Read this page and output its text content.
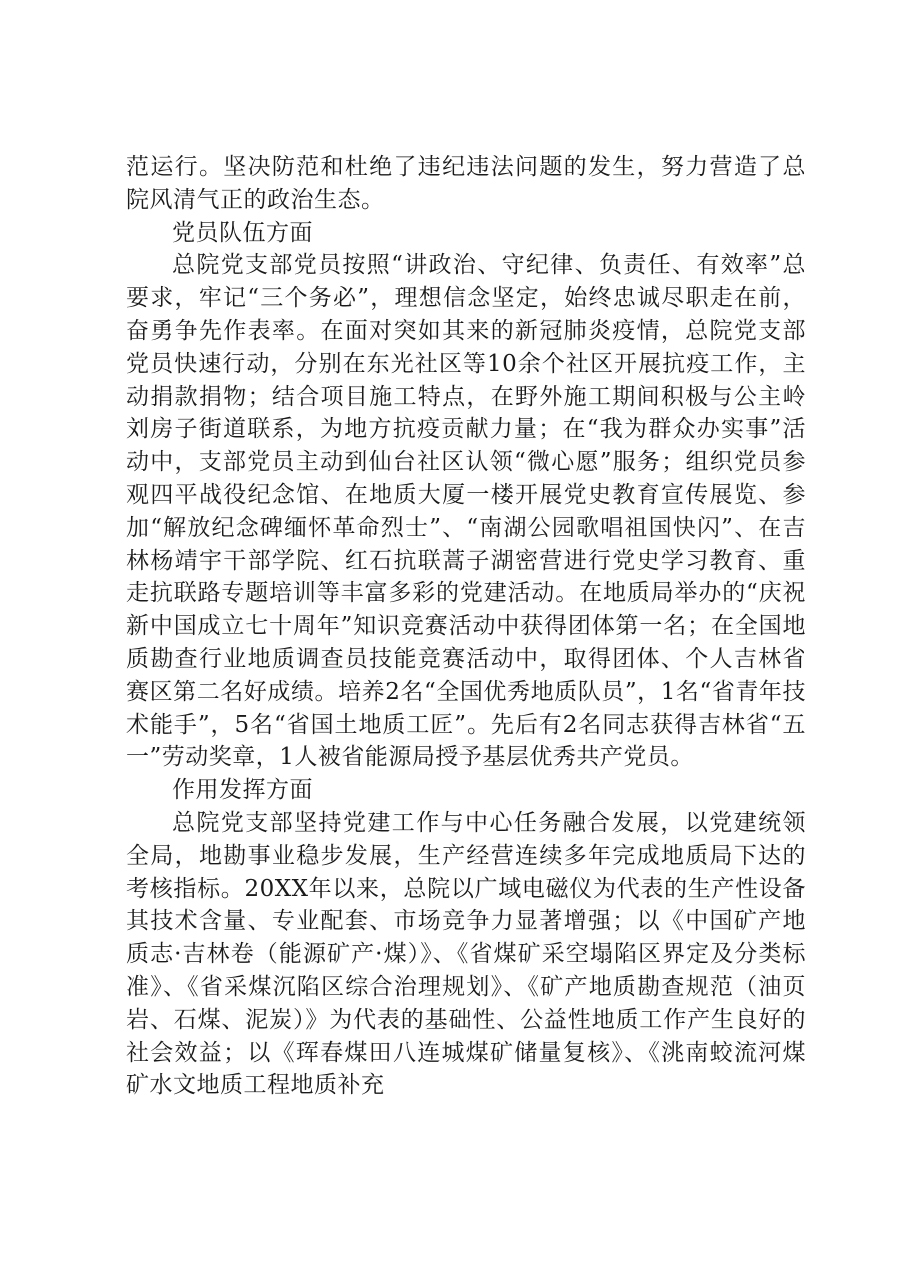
范运行。坚决防范和杜绝了违纪违法问题的发生，努力营造了总院风清气正的政治生态。

党员队伍方面

总院党支部党员按照“讲政治、守纪律、负责任、有效率”总要求，牢记“三个务必”，理想信念坚定，始终忠诚尽职走在前，奋勇争先作表率。在面对突如其来的新冠肺炎疫情，总院党支部党员快速行动，分别在东光社区等10余个社区开展抗疫工作，主动捐款捐物；结合项目施工特点，在野外施工期间积极与公主岭刘房子街道联系，为地方抗疫贡献力量；在“我为群众办实事”活动中，支部党员主动到仙台社区认领“微心愿”服务；组织党员参观四平战役纪念馆、在地质大厦一楼开展党史教育宣传展览、参加“解放纪念碑缅怀革命烈士”、“南湖公园歌唱祖国快闪”、在吉林杨靖宇干部学院、红石抗联蒿子湖密营进行党史学习教育、重走抗联路专题培训等丰富多彩的党建活动。在地质局举办的“庆祝新中国成立七十周年”知识竞赛活动中获得团体第一名；在全国地质勘查行业地质调查员技能竞赛活动中，取得团体、个人吉林省赛区第二名好成绩。培养2名“全国优秀地质队员”，1名“省青年技术能手”，5名“省国土地质工匠”。先后有2名同志获得吉林省“五一”劳动奖章，1人被省能源局授予基层优秀共产党员。

作用发挥方面

总院党支部坚持党建工作与中心任务融合发展，以党建统领全局，地勘事业稳步发展，生产经营连续多年完成地质局下达的考核指标。20XX年以来，总院以广域电磁仪为代表的生产性设备其技术含量、专业配套、市场竞争力显著增强；以《中国矿产地质志·吉林卷（能源矿产·煤）》、《省煤矿采空塌陷区界定及分类标准》、《省采煤沉陷区综合治理规划》、《矿产地质勘查规范（油页岩、石煤、泥炭）》为代表的基础性、公益性地质工作产生良好的社会效益；以《珲春煤田八连城煤矿储量复核》、《洮南蛟流河煤矿水文地质工程地质补充
